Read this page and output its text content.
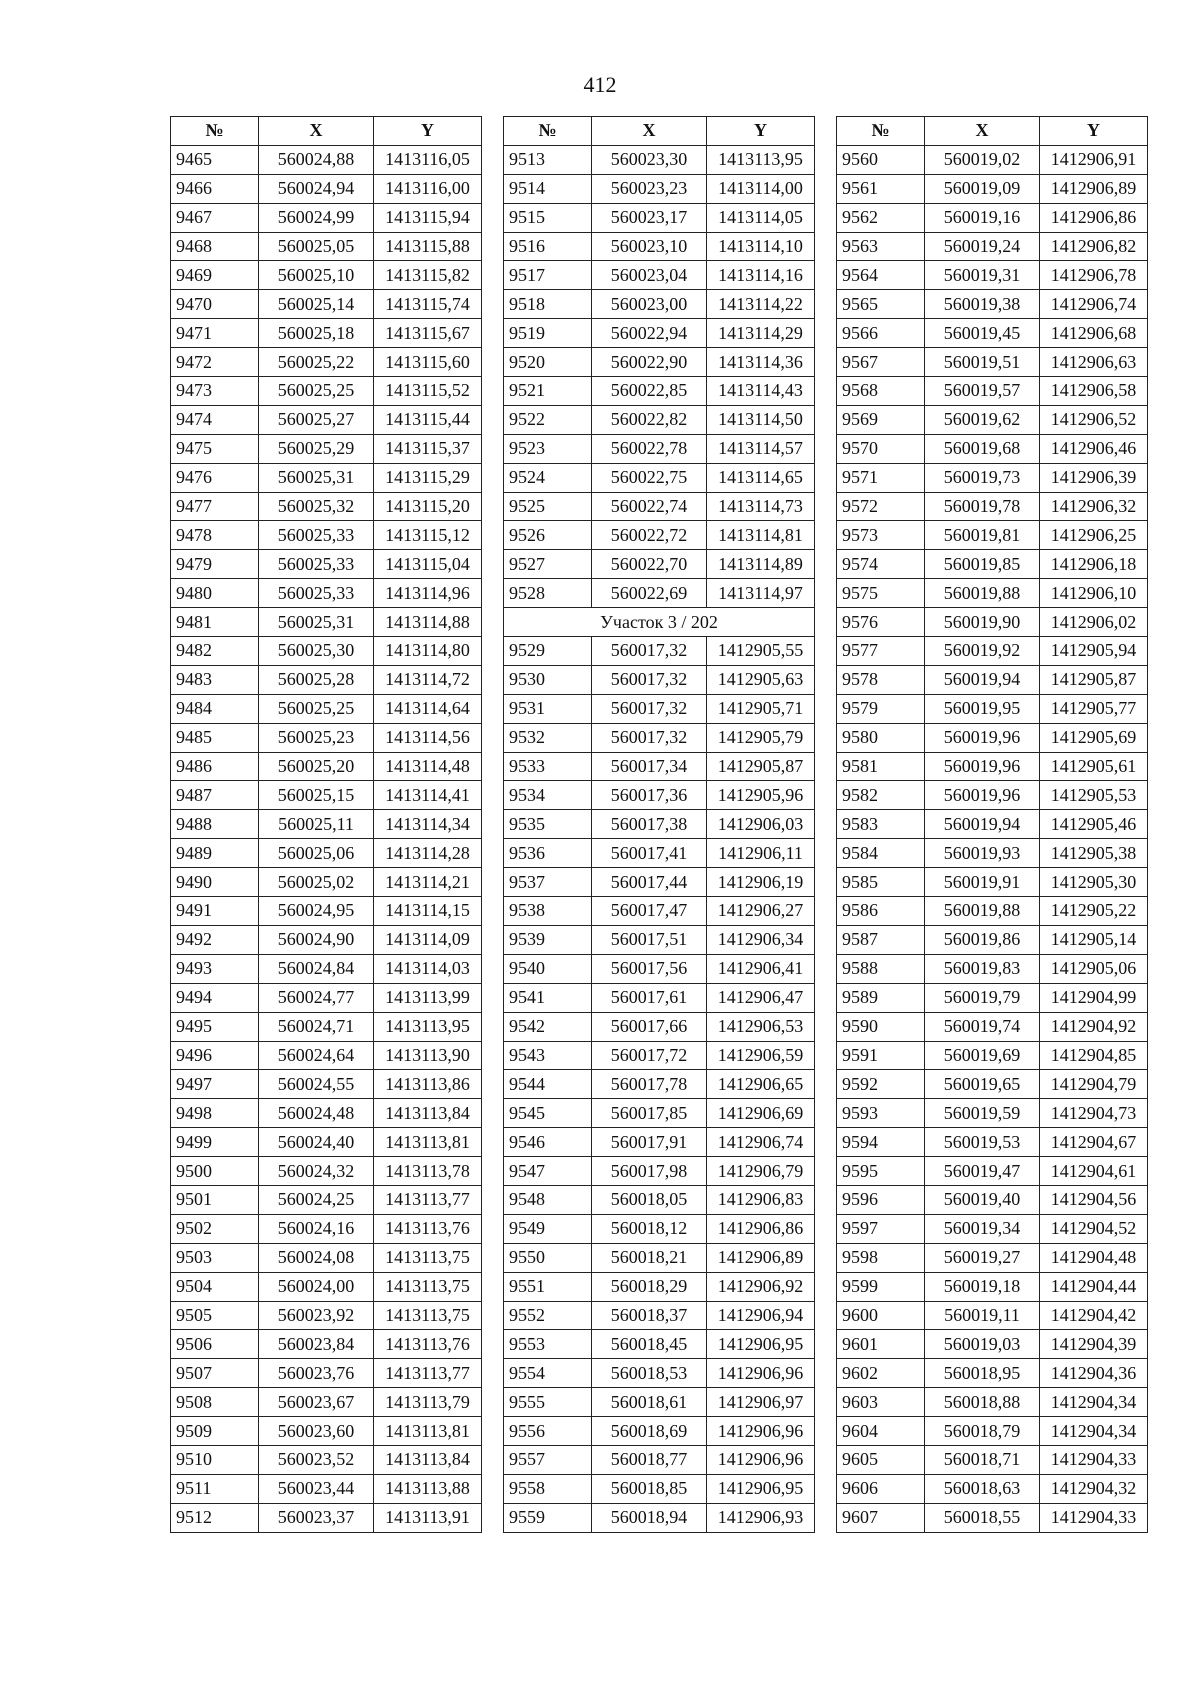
412
№	X	Y
9465	560024,88	1413116,05
9466	560024,94	1413116,00
9467	560024,99	1413115,94
9468	560025,05	1413115,88
9469	560025,10	1413115,82
9470	560025,14	1413115,74
9471	560025,18	1413115,67
9472	560025,22	1413115,60
9473	560025,25	1413115,52
9474	560025,27	1413115,44
9475	560025,29	1413115,37
9476	560025,31	1413115,29
9477	560025,32	1413115,20
9478	560025,33	1413115,12
9479	560025,33	1413115,04
9480	560025,33	1413114,96
9481	560025,31	1413114,88
9482	560025,30	1413114,80
9483	560025,28	1413114,72
9484	560025,25	1413114,64
9485	560025,23	1413114,56
9486	560025,20	1413114,48
9487	560025,15	1413114,41
9488	560025,11	1413114,34
9489	560025,06	1413114,28
9490	560025,02	1413114,21
9491	560024,95	1413114,15
9492	560024,90	1413114,09
9493	560024,84	1413114,03
9494	560024,77	1413113,99
9495	560024,71	1413113,95
9496	560024,64	1413113,90
9497	560024,55	1413113,86
9498	560024,48	1413113,84
9499	560024,40	1413113,81
9500	560024,32	1413113,78
9501	560024,25	1413113,77
9502	560024,16	1413113,76
9503	560024,08	1413113,75
9504	560024,00	1413113,75
9505	560023,92	1413113,75
9506	560023,84	1413113,76
9507	560023,76	1413113,77
9508	560023,67	1413113,79
9509	560023,60	1413113,81
9510	560023,52	1413113,84
9511	560023,44	1413113,88
9512	560023,37	1413113,91
№	X	Y
9513	560023,30	1413113,95
9514	560023,23	1413114,00
9515	560023,17	1413114,05
9516	560023,10	1413114,10
9517	560023,04	1413114,16
9518	560023,00	1413114,22
9519	560022,94	1413114,29
9520	560022,90	1413114,36
9521	560022,85	1413114,43
9522	560022,82	1413114,50
9523	560022,78	1413114,57
9524	560022,75	1413114,65
9525	560022,74	1413114,73
9526	560022,72	1413114,81
9527	560022,70	1413114,89
9528	560022,69	1413114,97
Участок 3 / 202		
9529	560017,32	1412905,55
9530	560017,32	1412905,63
9531	560017,32	1412905,71
9532	560017,32	1412905,79
9533	560017,34	1412905,87
9534	560017,36	1412905,96
9535	560017,38	1412906,03
9536	560017,41	1412906,11
9537	560017,44	1412906,19
9538	560017,47	1412906,27
9539	560017,51	1412906,34
9540	560017,56	1412906,41
9541	560017,61	1412906,47
9542	560017,66	1412906,53
9543	560017,72	1412906,59
9544	560017,78	1412906,65
9545	560017,85	1412906,69
9546	560017,91	1412906,74
9547	560017,98	1412906,79
9548	560018,05	1412906,83
9549	560018,12	1412906,86
9550	560018,21	1412906,89
9551	560018,29	1412906,92
9552	560018,37	1412906,94
9553	560018,45	1412906,95
9554	560018,53	1412906,96
9555	560018,61	1412906,97
9556	560018,69	1412906,96
9557	560018,77	1412906,96
9558	560018,85	1412906,95
9559	560018,94	1412906,93
№	X	Y
9560	560019,02	1412906,91
9561	560019,09	1412906,89
9562	560019,16	1412906,86
9563	560019,24	1412906,82
9564	560019,31	1412906,78
9565	560019,38	1412906,74
9566	560019,45	1412906,68
9567	560019,51	1412906,63
9568	560019,57	1412906,58
9569	560019,62	1412906,52
9570	560019,68	1412906,46
9571	560019,73	1412906,39
9572	560019,78	1412906,32
9573	560019,81	1412906,25
9574	560019,85	1412906,18
9575	560019,88	1412906,10
9576	560019,90	1412906,02
9577	560019,92	1412905,94
9578	560019,94	1412905,87
9579	560019,95	1412905,77
9580	560019,96	1412905,69
9581	560019,96	1412905,61
9582	560019,96	1412905,53
9583	560019,94	1412905,46
9584	560019,93	1412905,38
9585	560019,91	1412905,30
9586	560019,88	1412905,22
9587	560019,86	1412905,14
9588	560019,83	1412905,06
9589	560019,79	1412904,99
9590	560019,74	1412904,92
9591	560019,69	1412904,85
9592	560019,65	1412904,79
9593	560019,59	1412904,73
9594	560019,53	1412904,67
9595	560019,47	1412904,61
9596	560019,40	1412904,56
9597	560019,34	1412904,52
9598	560019,27	1412904,48
9599	560019,18	1412904,44
9600	560019,11	1412904,42
9601	560019,03	1412904,39
9602	560018,95	1412904,36
9603	560018,88	1412904,34
9604	560018,79	1412904,34
9605	560018,71	1412904,33
9606	560018,63	1412904,32
9607	560018,55	1412904,33
